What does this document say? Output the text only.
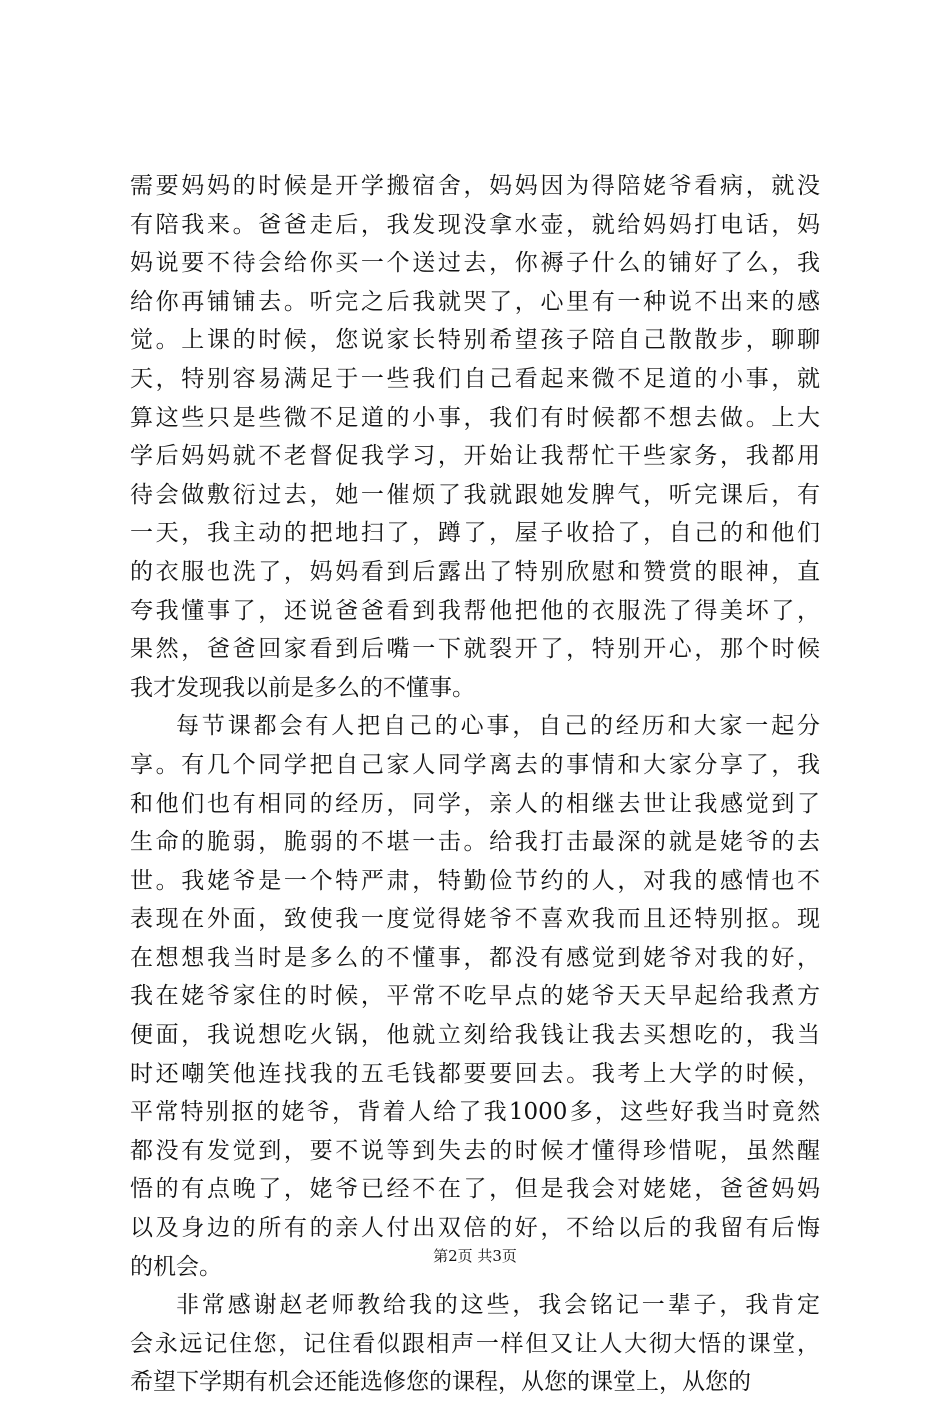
需要妈妈的时候是开学搬宿舍，妈妈因为得陪姥爷看病，就没
有陪我来。爸爸走后，我发现没拿水壶，就给妈妈打电话，妈
妈说要不待会给你买一个送过去，你褥子什么的铺好了么，我
给你再铺铺去。听完之后我就哭了，心里有一种说不出来的感
觉。上课的时候，您说家长特别希望孩子陪自己散散步，聊聊
天，特别容易满足于一些我们自己看起来微不足道的小事，就
算这些只是些微不足道的小事，我们有时候都不想去做。上大
学后妈妈就不老督促我学习，开始让我帮忙干些家务，我都用
待会做敷衍过去，她一催烦了我就跟她发脾气，听完课后，有
一天，我主动的把地扫了，蹲了，屋子收拾了，自己的和他们
的衣服也洗了，妈妈看到后露出了特别欣慰和赞赏的眼神，直
夸我懂事了，还说爸爸看到我帮他把他的衣服洗了得美坏了，
果然，爸爸回家看到后嘴一下就裂开了，特别开心，那个时候
我才发现我以前是多么的不懂事。
每节课都会有人把自己的心事，自己的经历和大家一起分
享。有几个同学把自己家人同学离去的事情和大家分享了，我
和他们也有相同的经历，同学，亲人的相继去世让我感觉到了
生命的脆弱，脆弱的不堪一击。给我打击最深的就是姥爷的去
世。我姥爷是一个特严肃，特勤俭节约的人，对我的感情也不
表现在外面，致使我一度觉得姥爷不喜欢我而且还特别抠。现
在想想我当时是多么的不懂事，都没有感觉到姥爷对我的好，
我在姥爷家住的时候，平常不吃早点的姥爷天天早起给我煮方
便面，我说想吃火锅，他就立刻给我钱让我去买想吃的，我当
时还嘲笑他连找我的五毛钱都要要回去。我考上大学的时候，
平常特别抠的姥爷，背着人给了我1000多，这些好我当时竟然
都没有发觉到，要不说等到失去的时候才懂得珍惜呢，虽然醒
悟的有点晚了，姥爷已经不在了，但是我会对姥姥，爸爸妈妈
以及身边的所有的亲人付出双倍的好，不给以后的我留有后悔
的机会。
非常感谢赵老师教给我的这些，我会铭记一辈子，我肯定
会永远记住您，记住看似跟相声一样但又让人大彻大悟的课堂，
希望下学期有机会还能选修您的课程，从您的课堂上，从您的
第2页 共3页
